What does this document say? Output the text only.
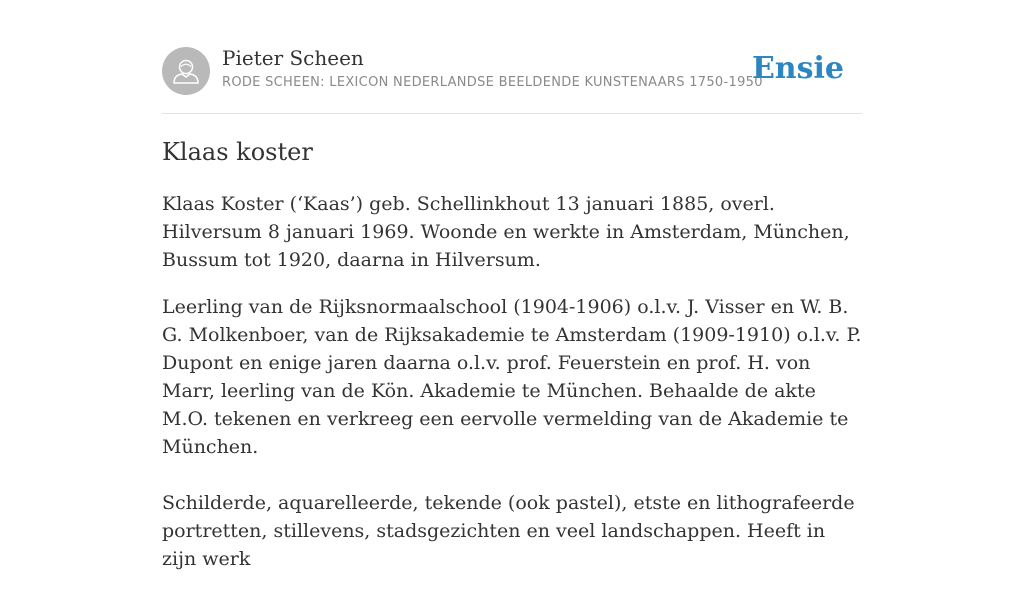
Pieter Scheen
RODE SCHEEN: LEXICON NEDERLANDSE BEELDENDE KUNSTENAARS 1750-1950
Ensie
Klaas koster

Klaas Koster (‘Kaas’) geb. Schellinkhout 13 januari 1885, overl. Hilversum 8 januari 1969. Woonde en werkte in Amsterdam, München, Bussum tot 1920, daarna in Hilversum.

Leerling van de Rijksnormaalschool (1904-1906) o.l.v. J. Visser en W. B. G. Molkenboer, van de Rijksakademie te Amsterdam (1909-1910) o.l.v. P. Dupont en enige jaren daarna o.l.v. prof. Feuerstein en prof. H. von Marr, leerling van de Kön. Akademie te München. Behaalde de akte M.O. tekenen en verkreeg een eervolle vermelding van de Akademie te München.

Schilderde, aquarelleerde, tekende (ook pastel), etste en lithografeerde portretten, stillevens, stadsgezichten en veel landschappen. Heeft in zijn werk
